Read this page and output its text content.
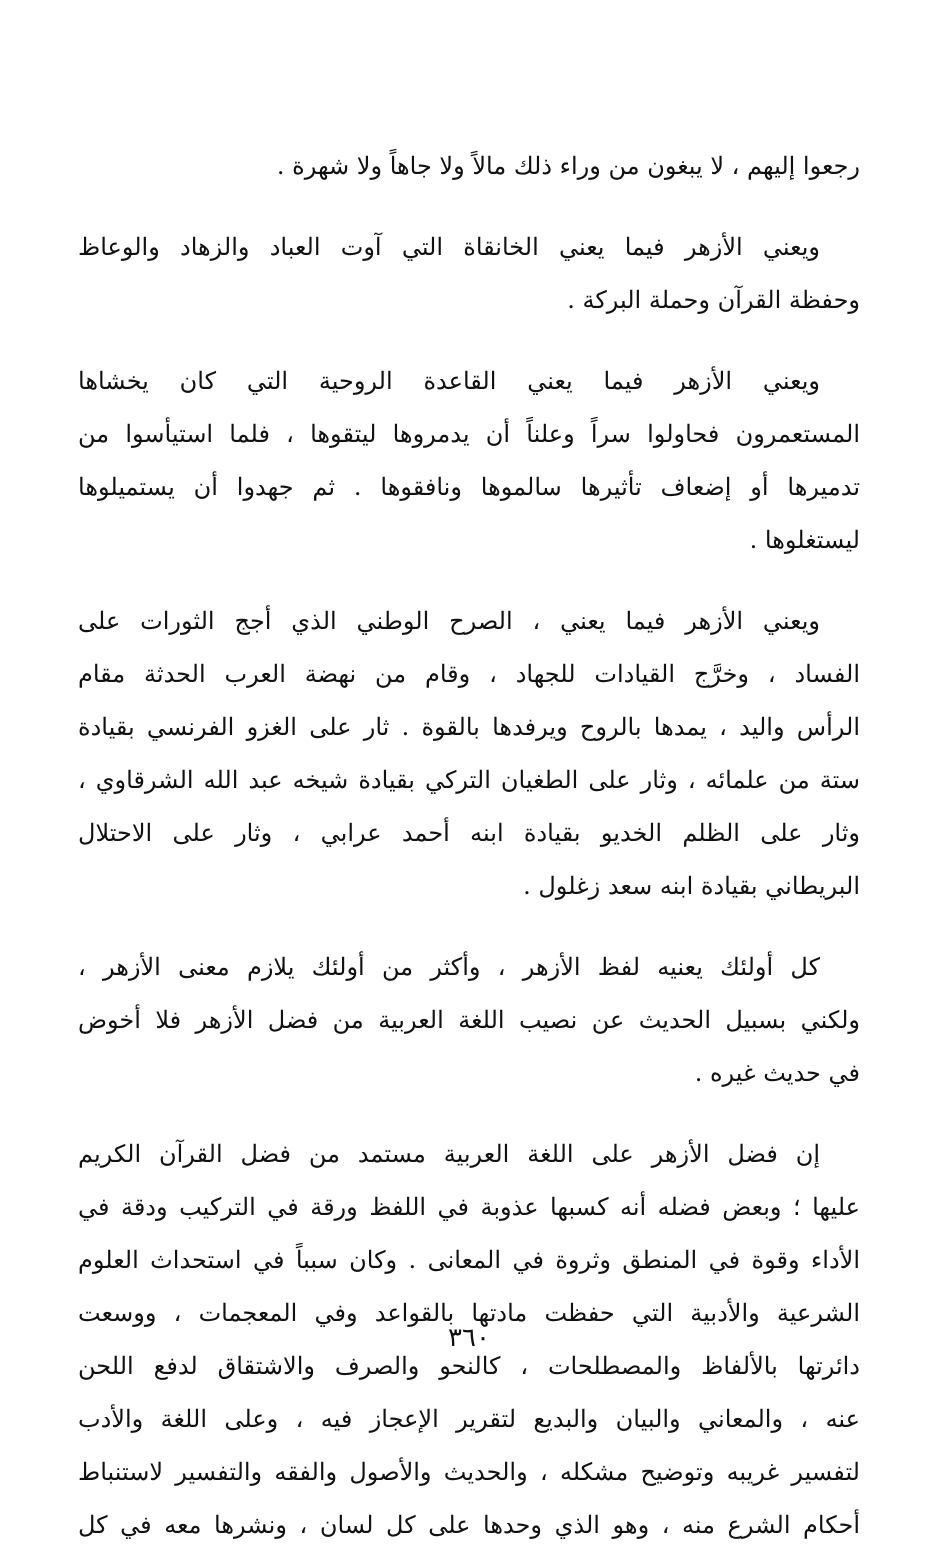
رجعوا إليهم ، لا يبغون من وراء ذلك مالاً ولا جاهاً ولا شهرة .
ويعني الأزهر فيما يعني الخانقاة التي آوت العباد والزهاد والوعاظ
وحفظة القرآن وحملة البركة .
ويعني الأزهر فيما يعني القاعدة الروحية التي كان يخشاها
المستعمرون فحاولوا سراً وعلناً أن يدمروها ليتقوها ، فلما استيأسوا من
تدميرها أو إضعاف تأثيرها سالموها ونافقوها . ثم جهدوا أن يستميلوها
ليستغلوها .
ويعني الأزهر فيما يعني ، الصرح الوطني الذي أجج الثورات على
الفساد ، وخرَّج القيادات للجهاد ، وقام من نهضة العرب الحدثة مقام
الرأس واليد ، يمدها بالروح ويرفدها بالقوة . ثار على الغزو الفرنسي بقيادة
ستة من علمائه ، وثار على الطغيان التركي بقيادة شيخه عبد الله الشرقاوي ،
وثار على الظلم الخديو بقيادة ابنه أحمد عرابي ، وثار على الاحتلال
البريطاني بقيادة ابنه سعد زغلول .
كل أولئك يعنيه لفظ الأزهر ، وأكثر من أولئك يلازم معنى الأزهر ،
ولكني بسبيل الحديث عن نصيب اللغة العربية من فضل الأزهر فلا أخوض
في حديث غيره .
إن فضل الأزهر على اللغة العربية مستمد من فضل القرآن الكريم
عليها ؛ وبعض فضله أنه كسبها عذوبة في اللفظ ورقة في التركيب ودقة في
الأداء وقوة في المنطق وثروة في المعانى . وكان سبباً في استحداث العلوم
الشرعية والأدبية التي حفظت مادتها بالقواعد وفي المعجمات ، ووسعت
دائرتها بالألفاظ والمصطلحات ، كالنحو والصرف والاشتقاق لدفع اللحن
عنه ، والمعاني والبيان والبديع لتقرير الإعجاز فيه ، وعلى اللغة والأدب
لتفسير غريبه وتوضيح مشكله ، والحديث والأصول والفقه والتفسير لاستنباط
أحكام الشرع منه ، وهو الذي وحدها على كل لسان ، ونشرها معه في كل
٣٦٠
